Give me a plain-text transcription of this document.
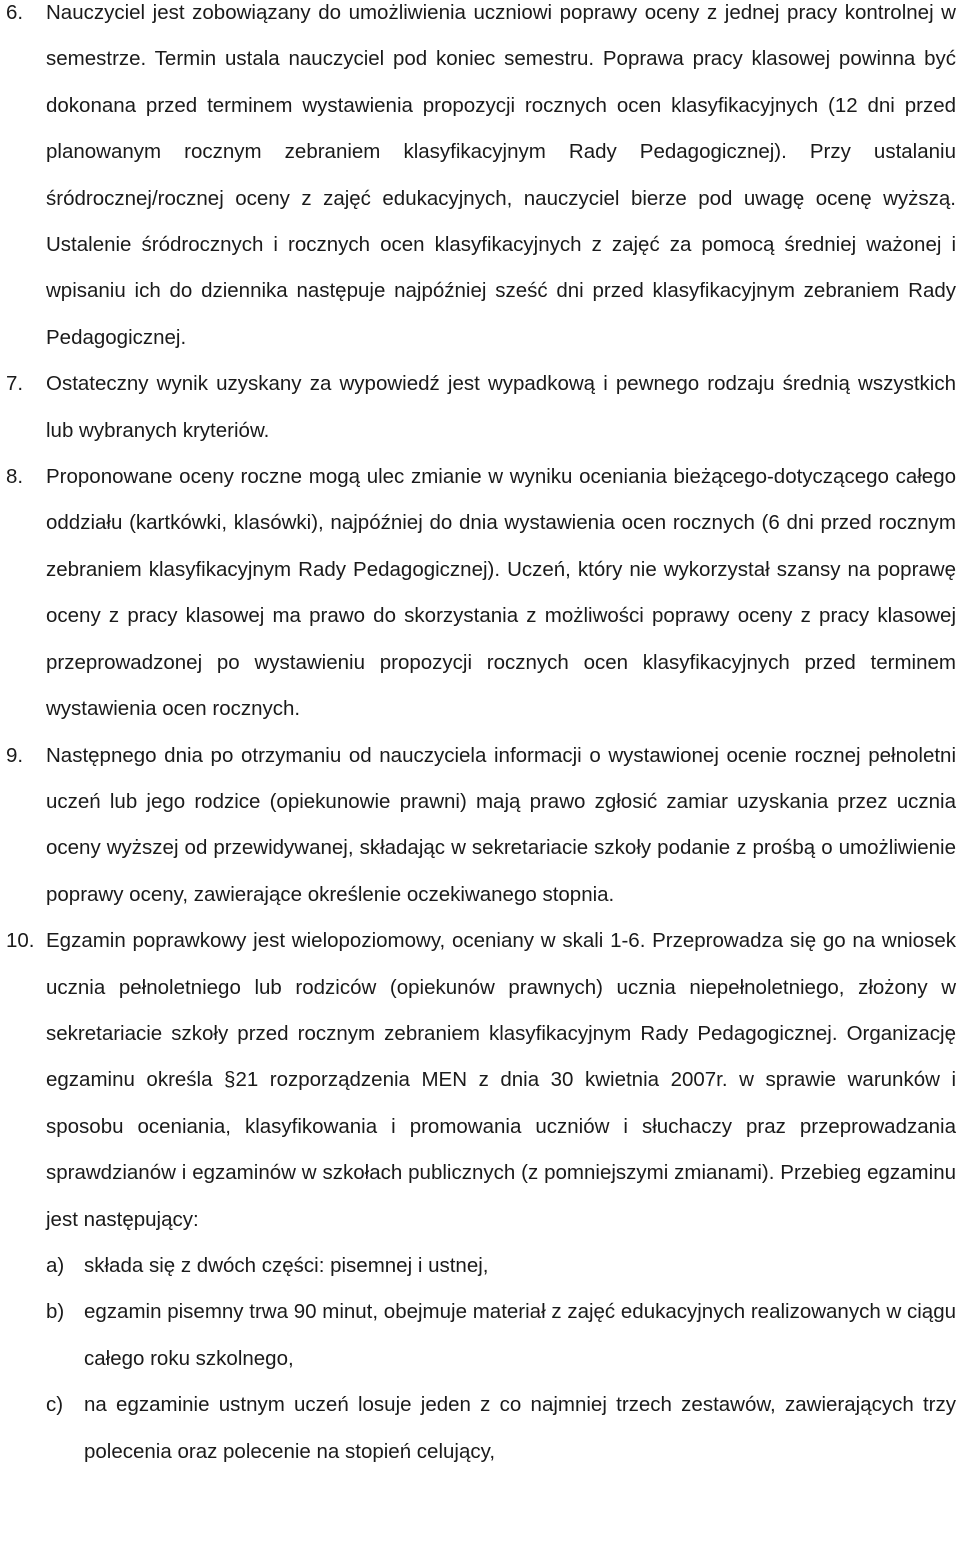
6. Nauczyciel jest zobowiązany do umożliwienia uczniowi poprawy oceny z jednej pracy kontrolnej w semestrze. Termin ustala nauczyciel pod koniec semestru. Poprawa pracy klasowej powinna być dokonana przed terminem wystawienia propozycji rocznych ocen klasyfikacyjnych (12 dni przed planowanym rocznym zebraniem klasyfikacyjnym Rady Pedagogicznej). Przy ustalaniu śródrocznej/rocznej oceny z zajęć edukacyjnych, nauczyciel bierze pod uwagę ocenę wyższą. Ustalenie śródrocznych i rocznych ocen klasyfikacyjnych z zajęć za pomocą średniej ważonej i wpisaniu ich do dziennika następuje najpóźniej sześć dni przed klasyfikacyjnym zebraniem Rady Pedagogicznej.
7. Ostateczny wynik uzyskany za wypowiedź jest wypadkową i pewnego rodzaju średnią wszystkich lub wybranych kryteriów.
8. Proponowane oceny roczne mogą ulec zmianie w wyniku oceniania bieżącego-dotyczącego całego oddziału (kartkówki, klasówki), najpóźniej do dnia wystawienia ocen rocznych (6 dni przed rocznym zebraniem klasyfikacyjnym Rady Pedagogicznej). Uczeń, który nie wykorzystał szansy na poprawę oceny z pracy klasowej ma prawo do skorzystania z możliwości poprawy oceny z pracy klasowej przeprowadzonej po wystawieniu propozycji rocznych ocen klasyfikacyjnych przed terminem wystawienia ocen rocznych.
9. Następnego dnia po otrzymaniu od nauczyciela informacji o wystawionej ocenie rocznej pełnoletni uczeń lub jego rodzice (opiekunowie prawni) mają prawo zgłosić zamiar uzyskania przez ucznia oceny wyższej od przewidywanej, składając w sekretariacie szkoły podanie z prośbą o umożliwienie poprawy oceny, zawierające określenie oczekiwanego stopnia.
10. Egzamin poprawkowy jest wielopoziomowy, oceniany w skali 1-6. Przeprowadza się go na wniosek ucznia pełnoletniego lub rodziców (opiekunów prawnych) ucznia niepełnoletniego, złożony w sekretariacie szkoły przed rocznym zebraniem klasyfikacyjnym Rady Pedagogicznej. Organizację egzaminu określa §21 rozporządzenia MEN z dnia 30 kwietnia 2007r. w sprawie warunków i sposobu oceniania, klasyfikowania i promowania uczniów i słuchaczy praz przeprowadzania sprawdzianów i egzaminów w szkołach publicznych (z pomniejszymi zmianami). Przebieg egzaminu jest następujący:
a) składa się z dwóch części: pisemnej i ustnej,
b) egzamin pisemny trwa 90 minut, obejmuje materiał z zajęć edukacyjnych realizowanych w ciągu całego roku szkolnego,
c) na egzaminie ustnym uczeń losuje jeden z co najmniej trzech zestawów, zawierających trzy polecenia oraz polecenie na stopień celujący,
